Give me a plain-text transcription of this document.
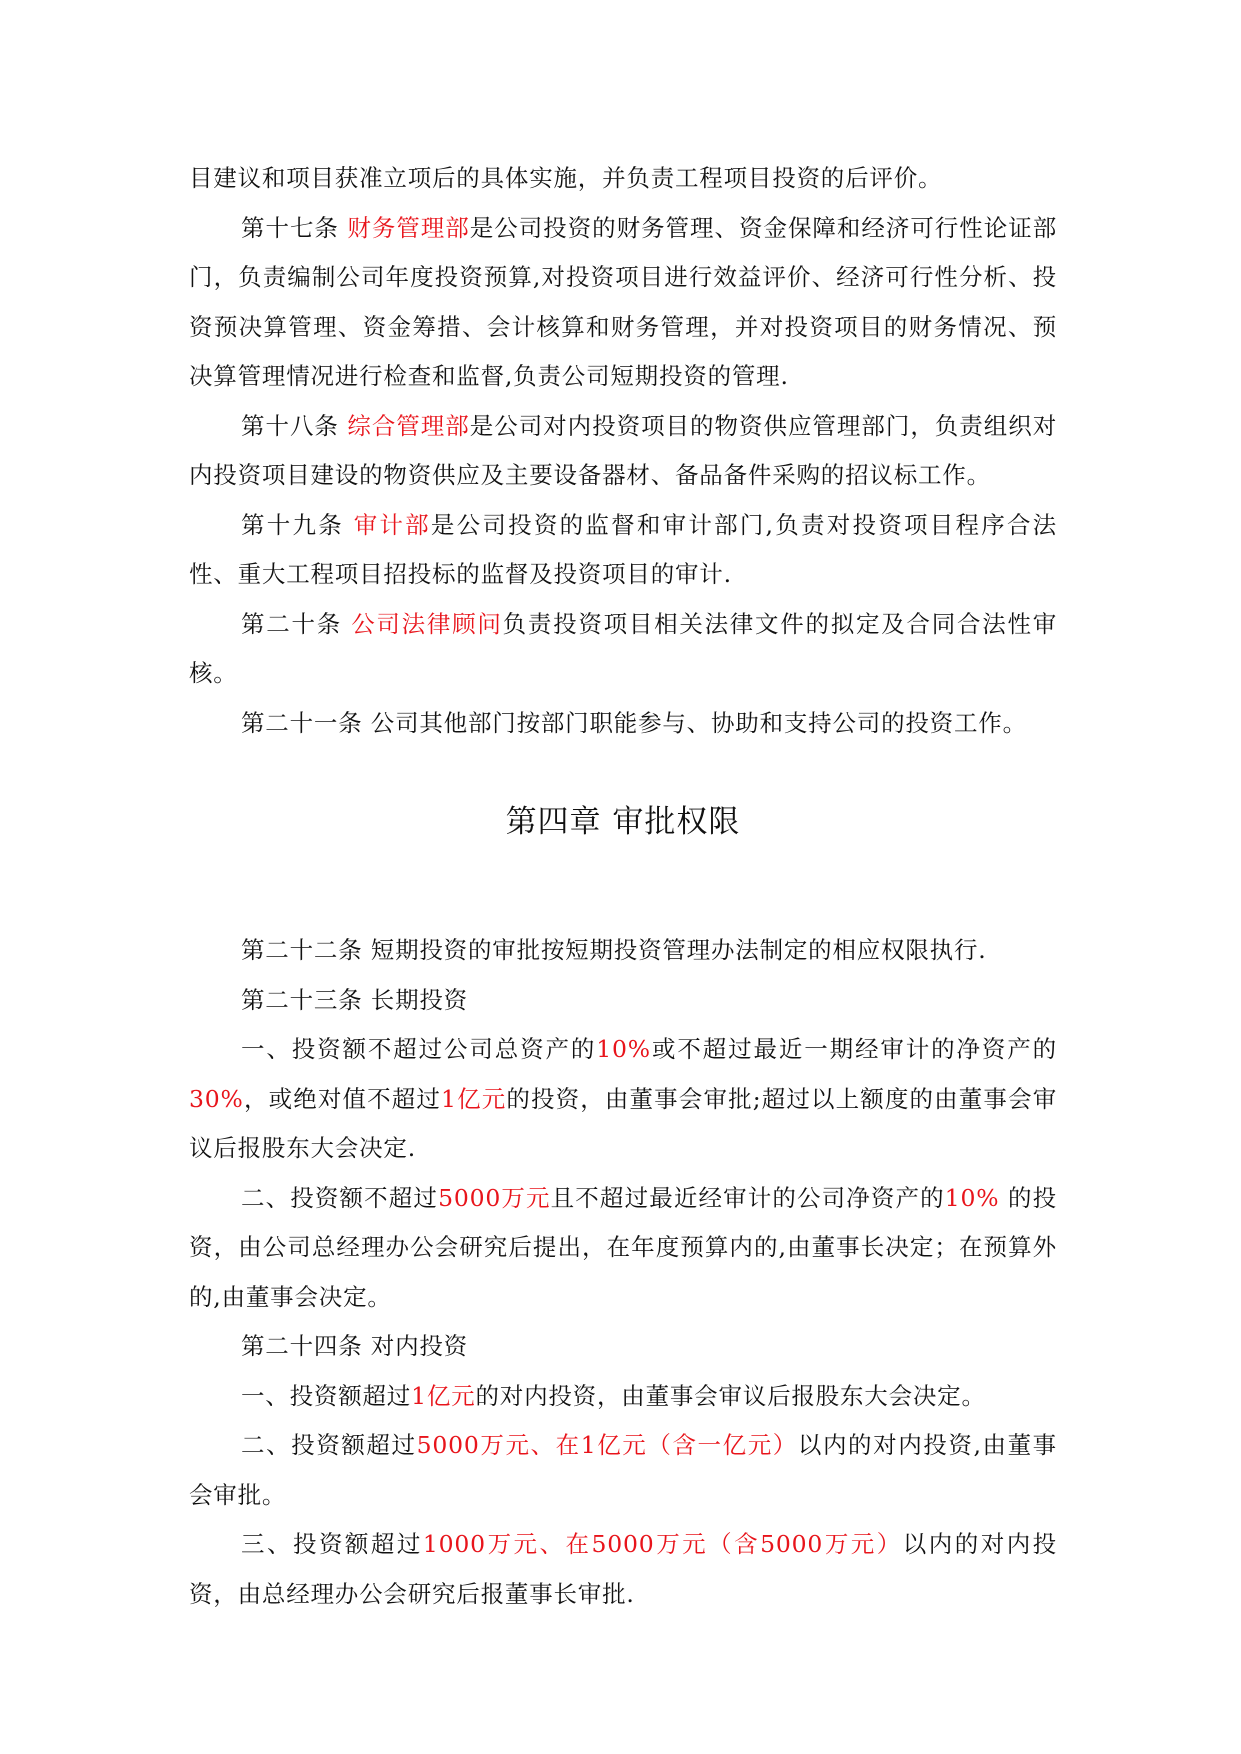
目建议和项目获准立项后的具体实施，并负责工程项目投资的后评价。

第十七条 财务管理部是公司投资的财务管理、资金保障和经济可行性论证部门，负责编制公司年度投资预算,对投资项目进行效益评价、经济可行性分析、投资预决算管理、资金筹措、会计核算和财务管理，并对投资项目的财务情况、预决算管理情况进行检查和监督,负责公司短期投资的管理.

第十八条 综合管理部是公司对内投资项目的物资供应管理部门，负责组织对内投资项目建设的物资供应及主要设备器材、备品备件采购的招议标工作。

第十九条 审计部是公司投资的监督和审计部门,负责对投资项目程序合法性、重大工程项目招投标的监督及投资项目的审计.

第二十条 公司法律顾问负责投资项目相关法律文件的拟定及合同合法性审核。

第二十一条 公司其他部门按部门职能参与、协助和支持公司的投资工作。

第四章 审批权限

第二十二条 短期投资的审批按短期投资管理办法制定的相应权限执行.

第二十三条 长期投资

一、投资额不超过公司总资产的10%或不超过最近一期经审计的净资产的30%，或绝对值不超过1亿元的投资，由董事会审批;超过以上额度的由董事会审议后报股东大会决定.

二、投资额不超过5000万元且不超过最近经审计的公司净资产的10% 的投资，由公司总经理办公会研究后提出，在年度预算内的,由董事长决定；在预算外的,由董事会决定。

第二十四条 对内投资

一、投资额超过1亿元的对内投资，由董事会审议后报股东大会决定。

二、投资额超过5000万元、在1亿元（含一亿元）以内的对内投资,由董事会审批。

三、投资额超过1000万元、在5000万元（含5000万元）以内的对内投资，由总经理办公会研究后报董事长审批.
